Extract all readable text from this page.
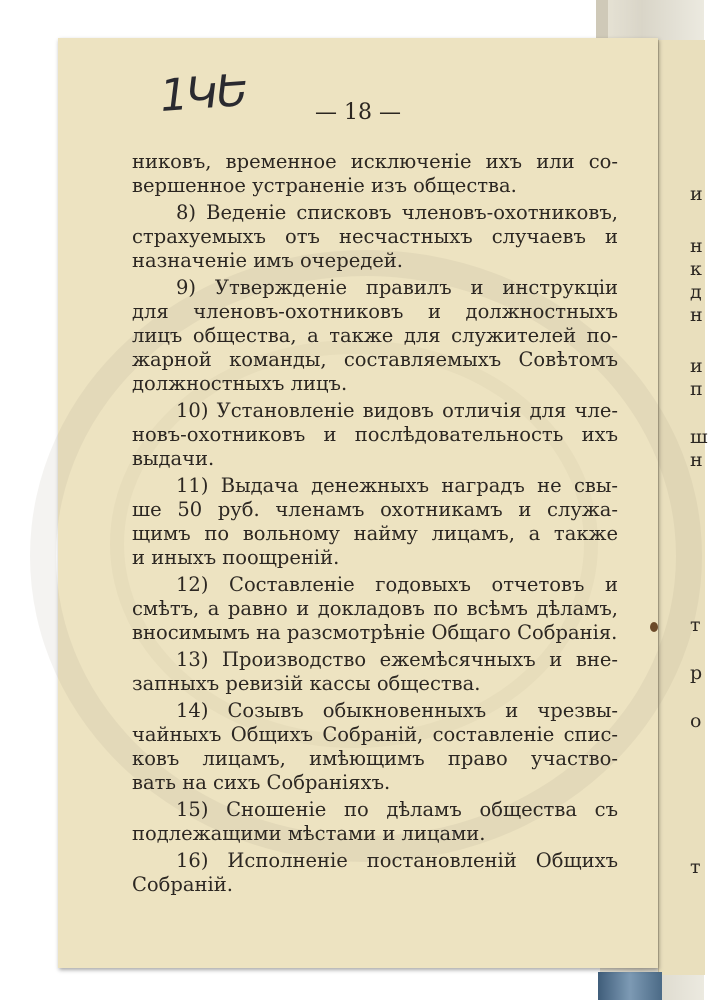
1ԿԵ	— 18 —
никовъ, временное исключеніе ихъ или со-
вершенное устраненіе изъ общества.
8) Веденіе списковъ членовъ-охотниковъ,
страхуемыхъ отъ несчастныхъ случаевъ и
назначеніе имъ очередей.
9) Утвержденіе правилъ и инструкціи
для членовъ-охотниковъ и должностныхъ
лицъ общества, а также для служителей по-
жарной команды, составляемыхъ Совѣтомъ
должностныхъ лицъ.
10) Установленіе видовъ отличія для чле-
новъ-охотниковъ и послѣдовательность ихъ
выдачи.
11) Выдача денежныхъ наградъ не свы-
ше 50 руб. членамъ охотникамъ и служа-
щимъ по вольному найму лицамъ, а также
и иныхъ поощреній.
12) Составленіе годовыхъ отчетовъ и
смѣтъ, а равно и докладовъ по всѣмъ дѣламъ,
вносимымъ на разсмотрѣніе Общаго Собранія.
13) Производство ежемѣсячныхъ и вне-
запныхъ ревизій кассы общества.
14) Созывъ обыкновенныхъ и чрезвы-
чайныхъ Общихъ Собраній, составленіе спис-
ковъ лицамъ, имѣющимъ право участво-
вать на сихъ Собраніяхъ.
15) Сношеніе по дѣламъ общества съ
подлежащими мѣстами и лицами.
16) Исполненіе постановленій Общихъ
Собраній.
и
н
к
д
н
и
п
ш
н
т
р
о
т
